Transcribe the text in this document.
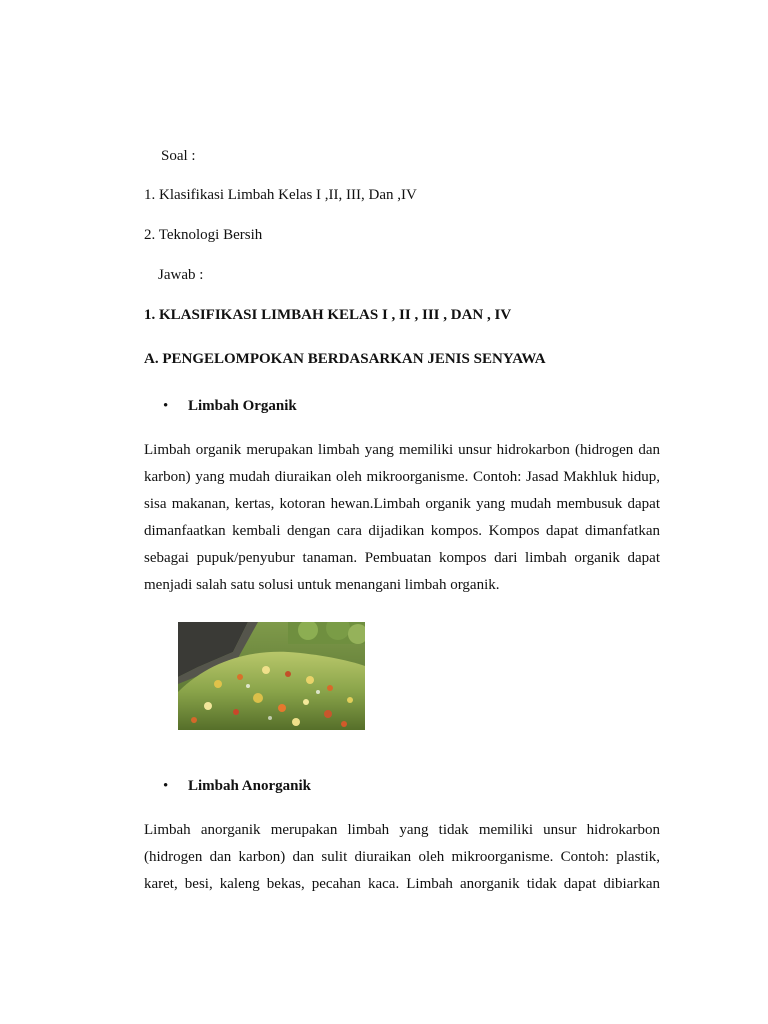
Soal :
1. Klasifikasi Limbah Kelas I ,II, III, Dan ,IV
2. Teknologi Bersih
Jawab :
1. KLASIFIKASI LIMBAH KELAS I , II , III , DAN , IV
A. PENGELOMPOKAN BERDASARKAN JENIS SENYAWA
• Limbah Organik
Limbah organik merupakan limbah yang memiliki unsur hidrokarbon (hidrogen dan karbon) yang mudah diuraikan oleh mikroorganisme. Contoh: Jasad Makhluk hidup, sisa makanan, kertas, kotoran hewan.Limbah organik yang mudah membusuk dapat dimanfaatkan kembali dengan cara dijadikan kompos. Kompos dapat dimanfatkan sebagai pupuk/penyubur tanaman. Pembuatan kompos dari limbah organik dapat menjadi salah satu solusi untuk menangani limbah organik.
• Limbah Anorganik
Limbah anorganik merupakan limbah yang tidak memiliki unsur hidrokarbon (hidrogen dan karbon) dan sulit diuraikan oleh mikroorganisme. Contoh: plastik, karet, besi, kaleng bekas, pecahan kaca. Limbah anorganik tidak dapat dibiarkan
